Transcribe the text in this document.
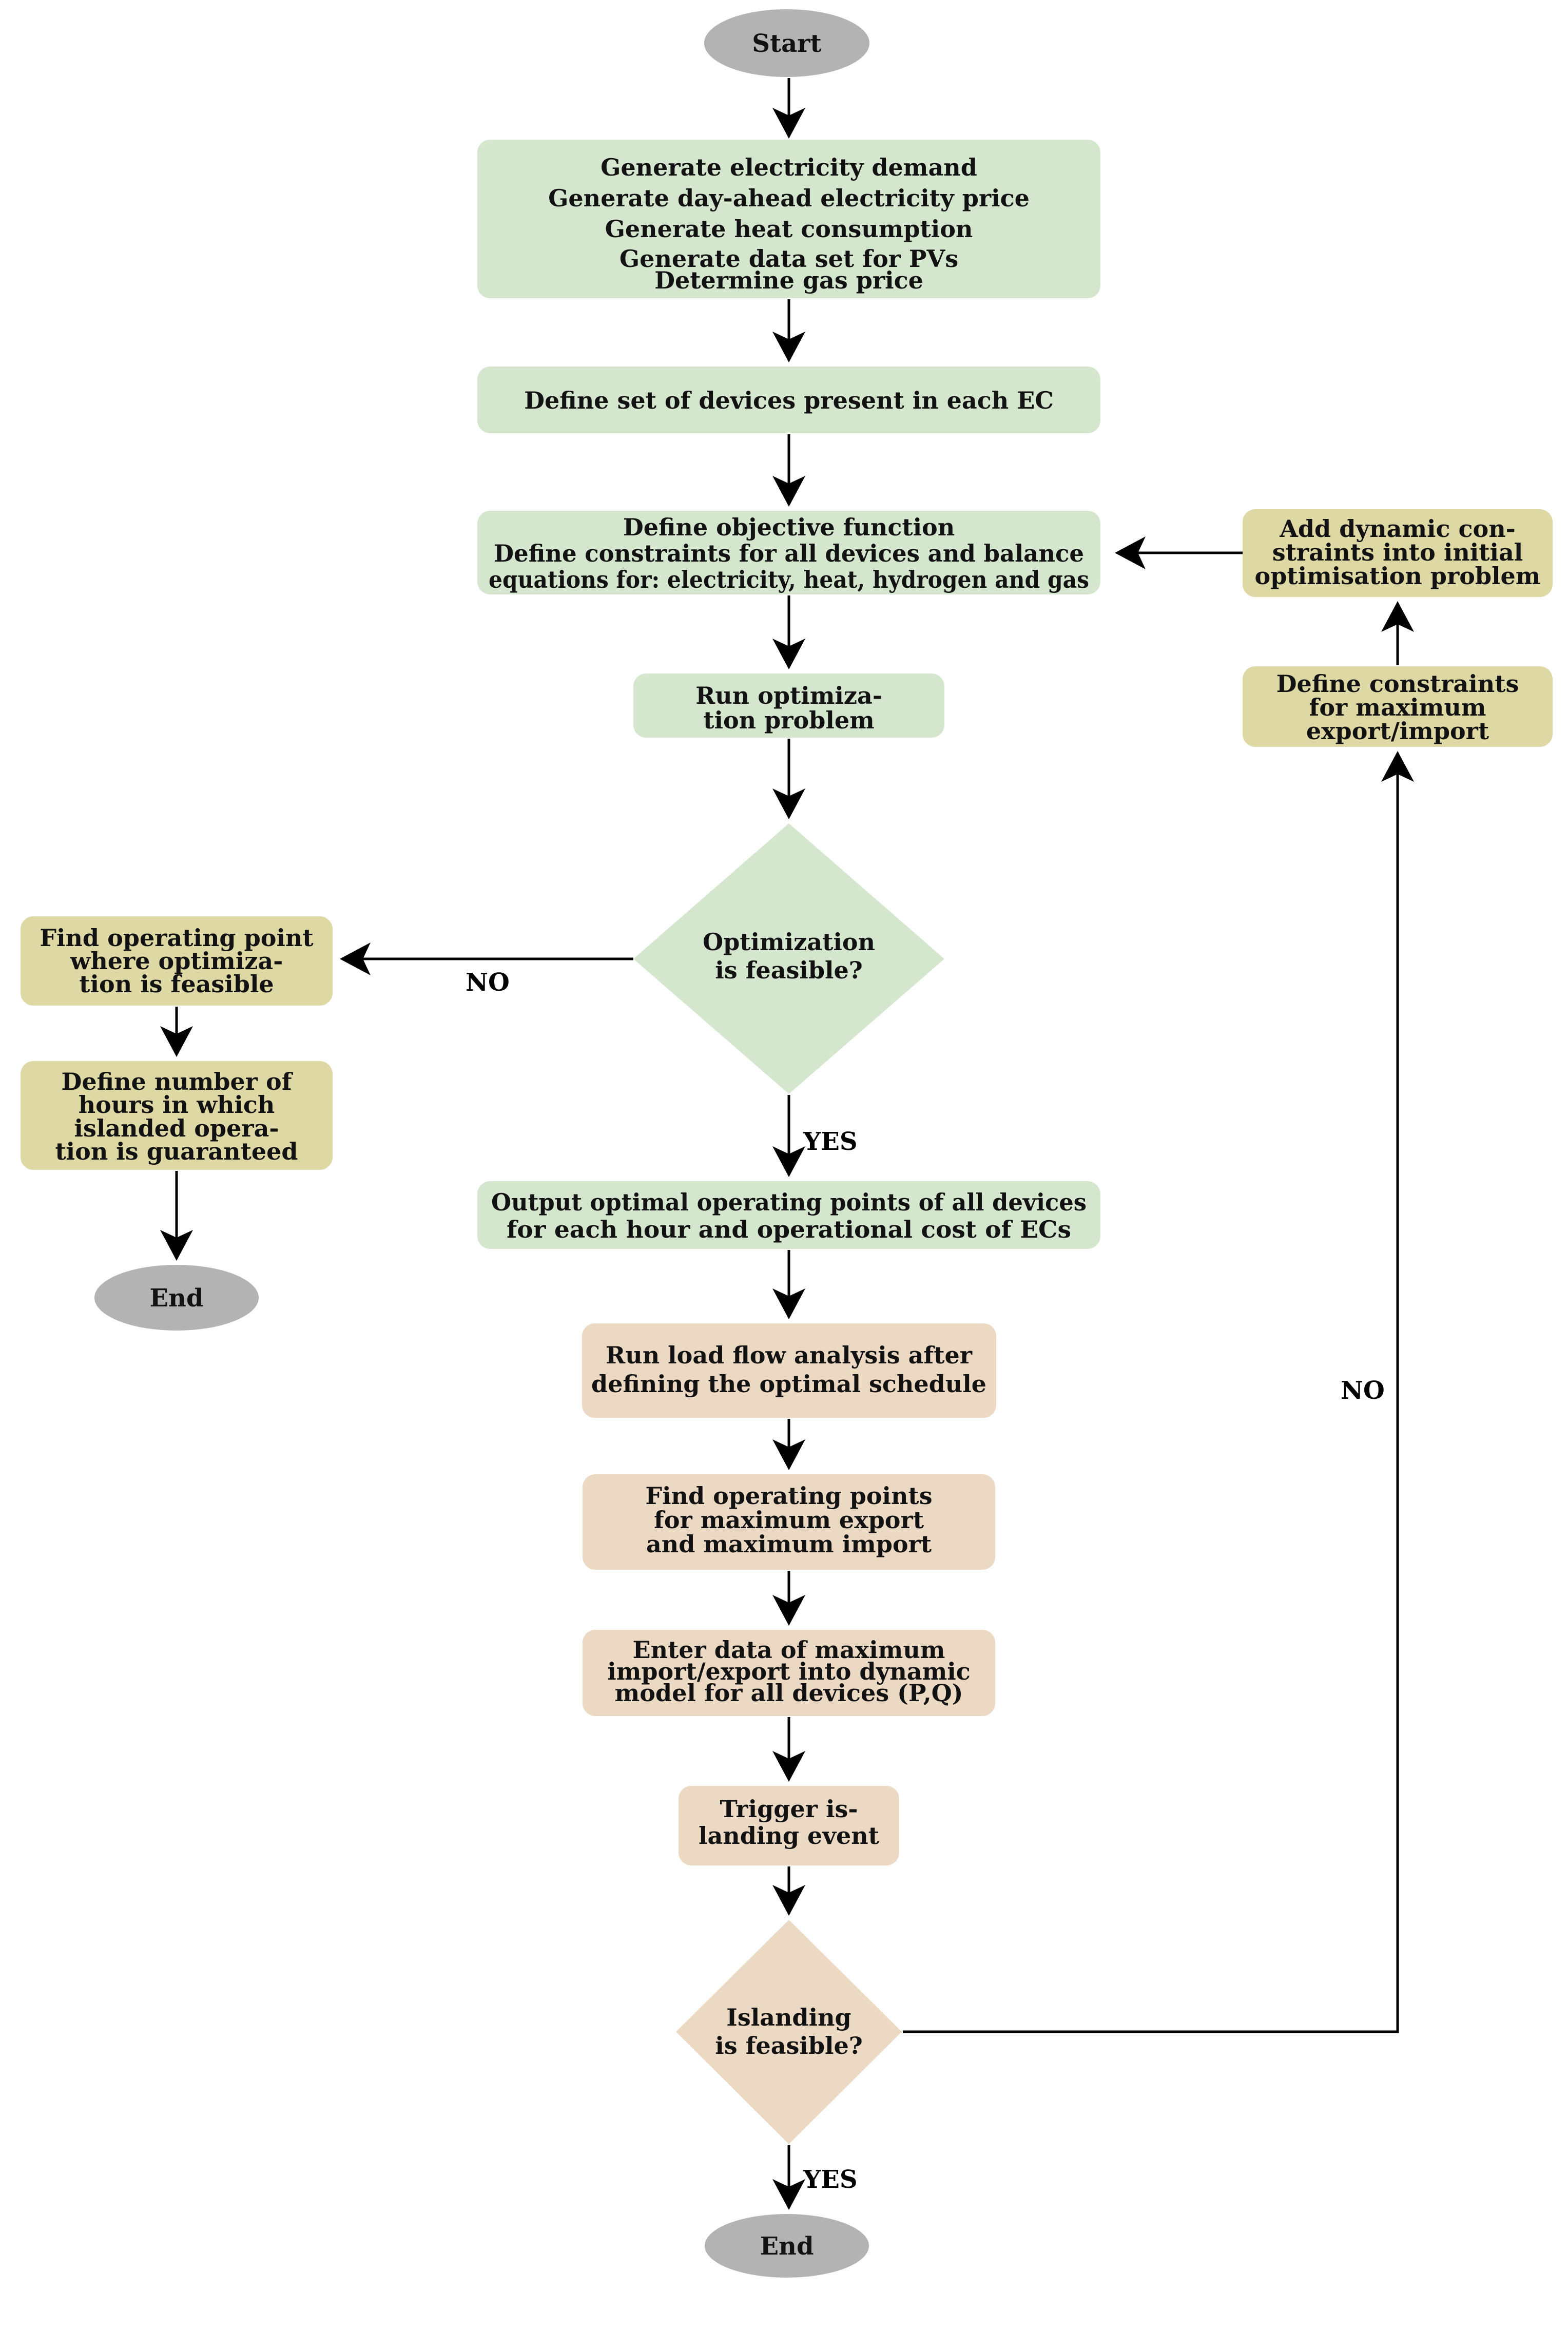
NO
YES
NO
YES
Start
Generate electricity demand
Generate day-ahead electricity price
Generate heat consumption
Generate data set for PVs
Determine gas price
Define set of devices present in each EC
Define objective function
Define constraints for all devices and balance
equations for: electricity, heat, hydrogen and gas
Add dynamic con-
straints into initial
optimisation problem
Run optimiza-
tion problem
Define constraints
for maximum
export/import
Optimization
is feasible?
Find operating point
where optimiza-
tion is feasible
Define number of
hours in which
islanded opera-
tion is guaranteed
End
Output optimal operating points of all devices
for each hour and operational cost of ECs
Run load flow analysis after
defining the optimal schedule
Find operating points
for maximum export
and maximum import
Enter data of maximum
import/export into dynamic
model for all devices (P,Q)
Trigger is-
landing event
Islanding
is feasible?
End
